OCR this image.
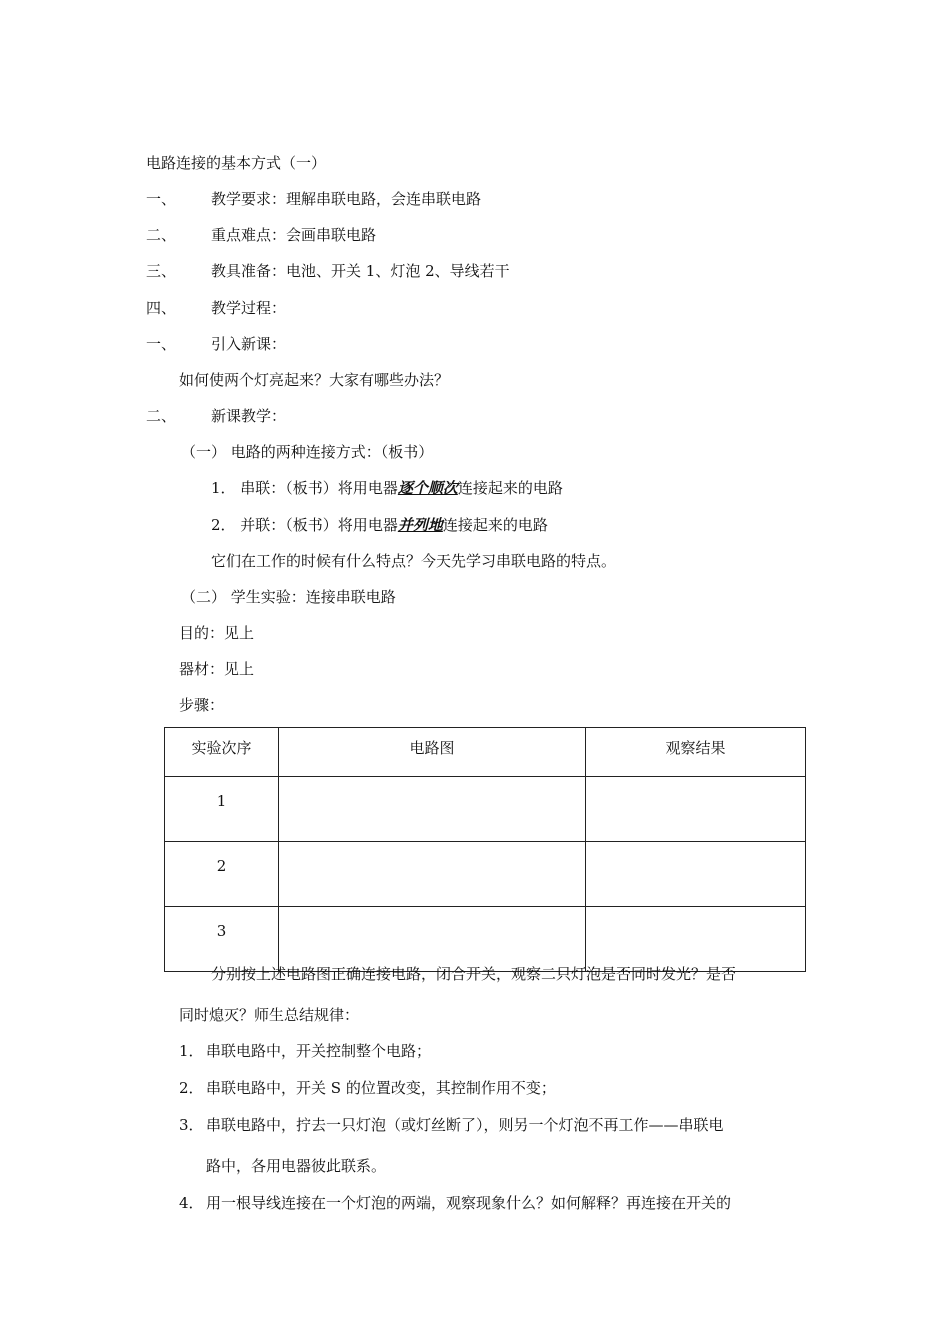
电路连接的基本方式（一）
一、 教学要求：理解串联电路，会连串联电路
二、 重点难点：会画串联电路
三、 教具准备：电池、开关 1、灯泡 2、导线若干
四、 教学过程：
一、 引入新课：
如何使两个灯亮起来？大家有哪些办法？
二、 新课教学：
（一） 电路的两种连接方式：（板书）
1． 串联：（板书）将用电器逐个顺次连接起来的电路
2． 并联：（板书）将用电器并列地连接起来的电路
它们在工作的时候有什么特点？今天先学习串联电路的特点。
（二） 学生实验：连接串联电路
目的：见上
器材：见上
步骤：
实验次序	电路图	观察结果
1		
2		
3		
分别按上述电路图正确连接电路，闭合开关，观察二只灯泡是否同时发光？是否
同时熄灭？师生总结规律：
1． 串联电路中，开关控制整个电路；
2． 串联电路中，开关 S 的位置改变，其控制作用不变；
3． 串联电路中，拧去一只灯泡（或灯丝断了），则另一个灯泡不再工作——串联电
路中，各用电器彼此联系。
4． 用一根导线连接在一个灯泡的两端，观察现象什么？如何解释？再连接在开关的
